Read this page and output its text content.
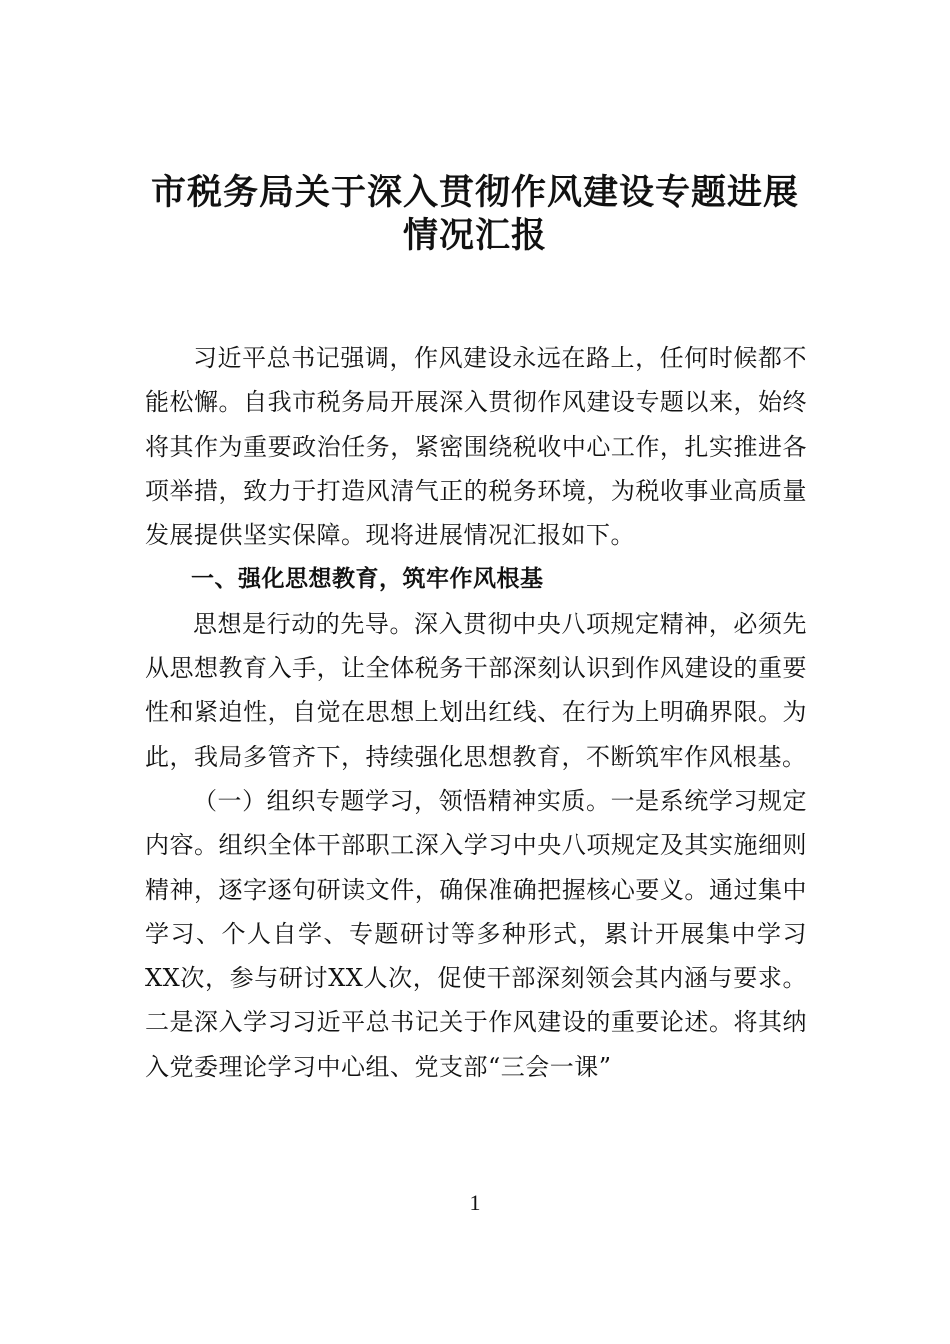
市税务局关于深入贯彻作风建设专题进展
情况汇报

习近平总书记强调，作风建设永远在路上，任何时候都不能松懈。自我市税务局开展深入贯彻作风建设专题以来，始终将其作为重要政治任务，紧密围绕税收中心工作，扎实推进各项举措，致力于打造风清气正的税务环境，为税收事业高质量发展提供坚实保障。现将进展情况汇报如下。

一、强化思想教育，筑牢作风根基

思想是行动的先导。深入贯彻中央八项规定精神，必须先从思想教育入手，让全体税务干部深刻认识到作风建设的重要性和紧迫性，自觉在思想上划出红线、在行为上明确界限。为此，我局多管齐下，持续强化思想教育，不断筑牢作风根基。

（一）组织专题学习，领悟精神实质。一是系统学习规定内容。组织全体干部职工深入学习中央八项规定及其实施细则精神，逐字逐句研读文件，确保准确把握核心要义。通过集中学习、个人自学、专题研讨等多种形式，累计开展集中学习XX次，参与研讨XX人次，促使干部深刻领会其内涵与要求。二是深入学习习近平总书记关于作风建设的重要论述。将其纳入党委理论学习中心组、党支部“三会一课”

1
